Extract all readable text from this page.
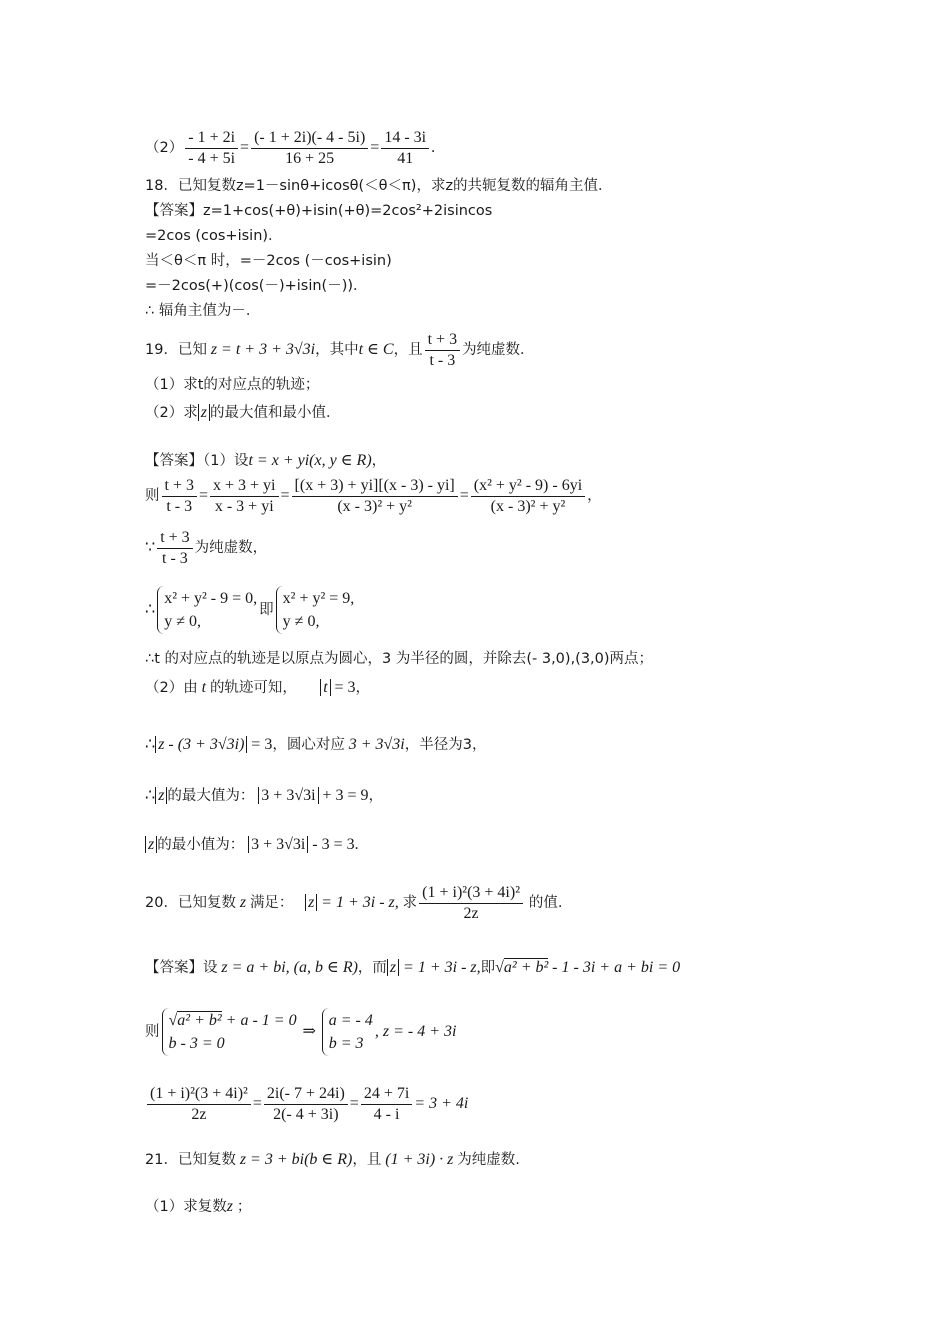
$(2) \frac{- 1 + 2i}{- 4 + 5i} = \frac{(- 1 + 2i)(- 4 - 5i)}{16 + 25} = \frac{14 - 3i}{41}$ .
18．已知复数z=1－sinθ+icosθ(＜θ＜π)，求z的共轭复数的辐角主值．
【答案】z=1+cos(+θ)+isin(+θ)=2cos²+2isincos
=2cos (cos+isin)．
当＜θ＜π 时，=－2cos (－cos+isin)
=－2cos(+)(cos(－)+isin(－))．
∴ 辐角主值为－．
19．已知 z = t + 3 + 3√3i，其中t ∈ C，且 $\frac{t + 3}{t - 3}$ 为纯虚数．
（1）求t的对应点的轨迹；
（2）求 z 的最大值和最小值．
【答案】（1）设t = x + yi(x, y ∈ R)，
则 $\frac{t + 3}{t - 3} = \frac{x + 3 + yi}{x - 3 + yi} = \frac{[(x + 3) + yi][(x - 3) - yi]}{\text{(x - 3)² + y²}} = \frac{\text{(x² + y² - 9) - 6yi}}{\text{(x - 3)² + y²}}$ ，
∵ $\frac{t + 3}{t - 3}$ 为纯虚数，
∴
x² + y² - 9 = 0,
y ≠ 0,
即
x² + y² = 9,
y ≠ 0,
∴t 的对应点的轨迹是以原点为圆心，3 为半径的圆，并除去(- 3,0),(3,0)两点；
（2）由 t 的轨迹可知， t = 3，
∴ z - (3 + 3√3i) = 3，圆心对应 3 + 3√3i，半径为3，
∴ z 的最大值为： 3 + 3√3i + 3 = 9，
z 的最小值为： 3 + 3√3i - 3 = 3.
20．已知复数 z 满足： z = 1 + 3i - z, 求 $\frac{\text{(1 + i)²(3 + 4i)²}}{2z}$ 的值.
【答案】设 z = a + bi, (a, b ∈ R)，而 z = 1 + 3i - z,即√a² + b² - 1 - 3i + a + bi = 0
则
√a² + b² + a - 1 = 0
b - 3 = 0
⇒
a = - 4
b = 3
, z = - 4 + 3i
$\frac{\text{(1 + i)²(3 + 4i)²}}{2z} = \frac{2i(- 7 + 24i)}{2(- 4 + 3i)} = \frac{24 + 7i}{4 - i} = 3 + 4i$
21．已知复数 z = 3 + bi(b ∈ R)，且 (1 + 3i) · z 为纯虚数.
（1）求复数z ；
